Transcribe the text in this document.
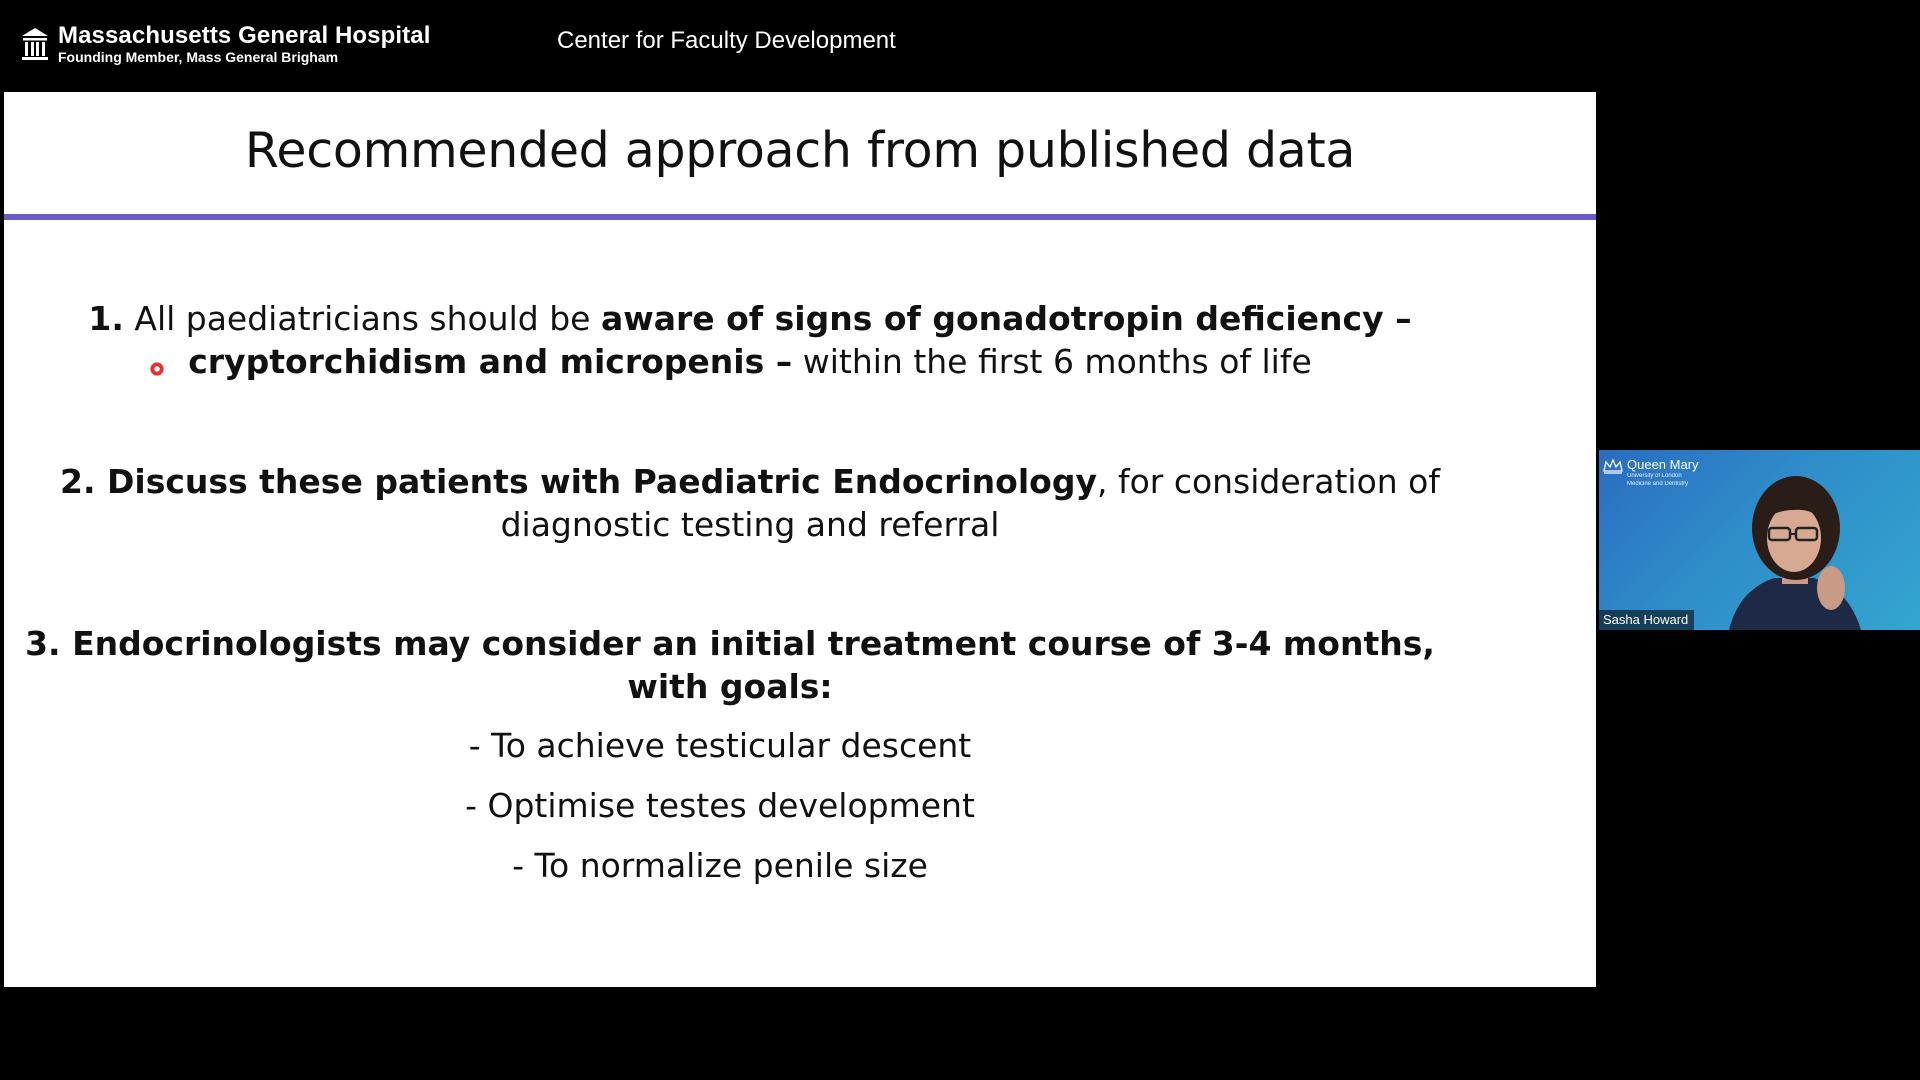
Massachusetts General Hospital
Founding Member, Mass General Brigham
Center for Faculty Development
Recommended approach from published data
1. All paediatricians should be aware of signs of gonadotropin deficiency – cryptorchidism and micropenis – within the first 6 months of life
2. Discuss these patients with Paediatric Endocrinology, for consideration of diagnostic testing and referral
3. Endocrinologists may consider an initial treatment course of 3-4 months, with goals:
- To achieve testicular descent
- Optimise testes development
- To normalize penile size
Queen Mary
University of London
Medicine and Dentistry
Sasha Howard
